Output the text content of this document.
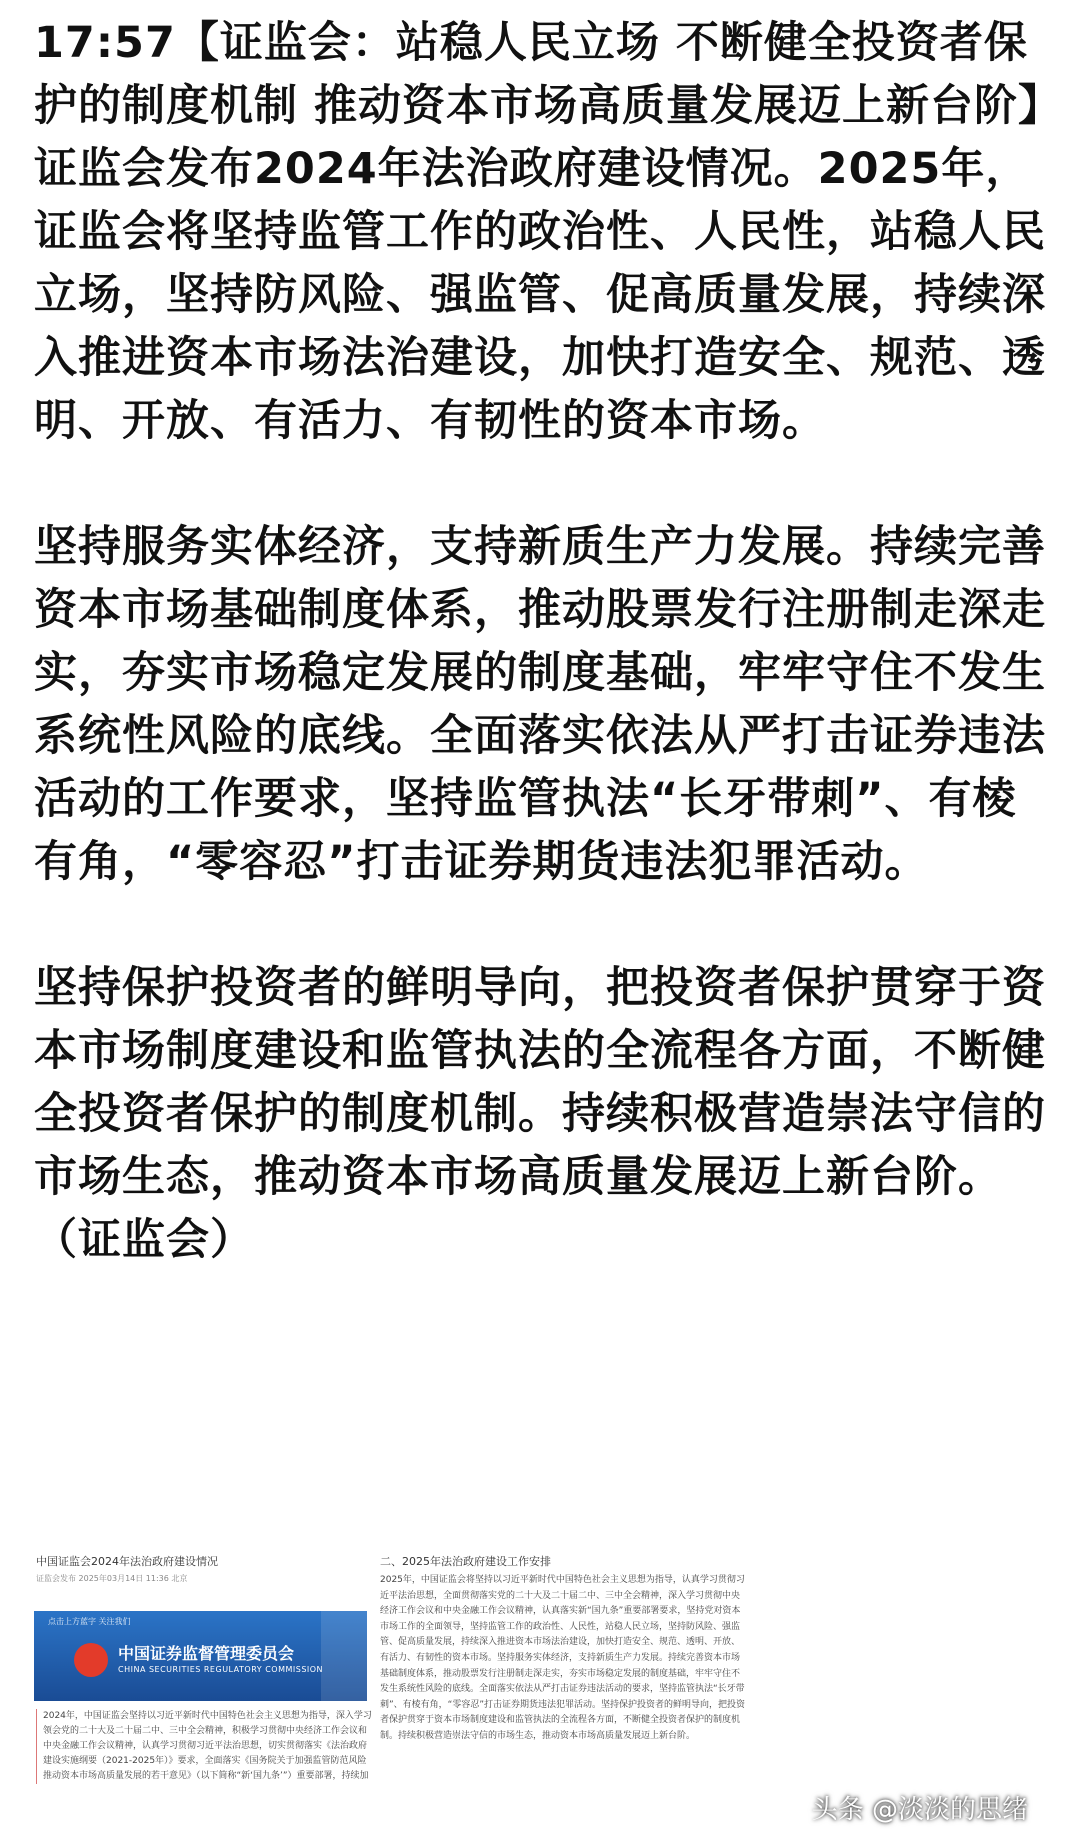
17:57【证监会：站稳人民立场 不断健全投资者保护的制度机制 推动资本市场高质量发展迈上新台阶】证监会发布2024年法治政府建设情况。2025年，证监会将坚持监管工作的政治性、人民性，站稳人民立场，坚持防风险、强监管、促高质量发展，持续深入推进资本市场法治建设，加快打造安全、规范、透明、开放、有活力、有韧性的资本市场。

坚持服务实体经济，支持新质生产力发展。持续完善资本市场基础制度体系，推动股票发行注册制走深走实，夯实市场稳定发展的制度基础，牢牢守住不发生系统性风险的底线。全面落实依法从严打击证券违法活动的工作要求，坚持监管执法“长牙带刺”、有棱有角，“零容忍”打击证券期货违法犯罪活动。

坚持保护投资者的鲜明导向，把投资者保护贯穿于资本市场制度建设和监管执法的全流程各方面，不断健全投资者保护的制度机制。持续积极营造崇法守信的市场生态，推动资本市场高质量发展迈上新台阶。（证监会）

中国证监会2024年法治政府建设情况

证监会发布 2025年03月14日 11:36 北京

点击上方蓝字 关注我们
中国证券监督管理委员会
CHINA SECURITIES REGULATORY COMMISSION

2024年，中国证监会坚持以习近平新时代中国特色社会主义思想为指导，深入学习领会党的二十大及二十届二中、三中全会精神，积极学习贯彻中央经济工作会议和中央金融工作会议精神，认真学习贯彻习近平法治思想，切实贯彻落实《法治政府建设实施纲要（2021-2025年）》要求，全面落实《国务院关于加强监管防范风险推动资本市场高质量发展的若干意见》（以下简称“新‘国九条’”）重要部署，持续加

二、2025年法治政府建设工作安排

2025年，中国证监会将坚持以习近平新时代中国特色社会主义思想为指导，认真学习贯彻习近平法治思想，全面贯彻落实党的二十大及二十届二中、三中全会精神，深入学习贯彻中央经济工作会议和中央金融工作会议精神，认真落实新“国九条”重要部署要求，坚持党对资本市场工作的全面领导，坚持监管工作的政治性、人民性，站稳人民立场，坚持防风险、强监管、促高质量发展，持续深入推进资本市场法治建设，加快打造安全、规范、透明、开放、有活力、有韧性的资本市场。坚持服务实体经济，支持新质生产力发展。持续完善资本市场基础制度体系，推动股票发行注册制走深走实，夯实市场稳定发展的制度基础，牢牢守住不发生系统性风险的底线。全面落实依法从严打击证券违法活动的要求，坚持监管执法“长牙带刺”、有棱有角，“零容忍”打击证券期货违法犯罪活动。坚持保护投资者的鲜明导向，把投资者保护贯穿于资本市场制度建设和监管执法的全流程各方面，不断健全投资者保护的制度机制。持续积极营造崇法守信的市场生态，推动资本市场高质量发展迈上新台阶。

头条 @淡淡的思绪
